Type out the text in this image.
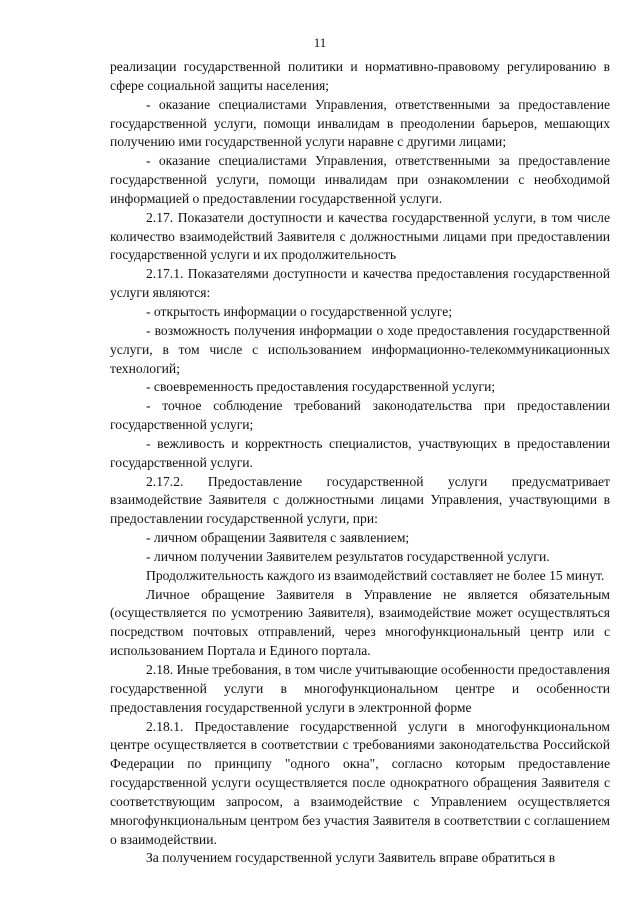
11

реализации государственной политики и нормативно-правовому регулированию в сфере социальной защиты населения;

- оказание специалистами Управления, ответственными за предоставление государственной услуги, помощи инвалидам в преодолении барьеров, мешающих получению ими государственной услуги наравне с другими лицами;

- оказание специалистами Управления, ответственными за предоставление государственной услуги, помощи инвалидам при ознакомлении с необходимой информацией о предоставлении государственной услуги.

2.17. Показатели доступности и качества государственной услуги, в том числе количество взаимодействий Заявителя с должностными лицами при предоставлении государственной услуги и их продолжительность

2.17.1. Показателями доступности и качества предоставления государственной услуги являются:

- открытость информации о государственной услуге;

- возможность получения информации о ходе предоставления государственной услуги, в том числе с использованием информационно-телекоммуникационных технологий;

- своевременность предоставления государственной услуги;

- точное соблюдение требований законодательства при предоставлении государственной услуги;

- вежливость и корректность специалистов, участвующих в предоставлении государственной услуги.

2.17.2. Предоставление государственной услуги предусматривает взаимодействие Заявителя с должностными лицами Управления, участвующими в предоставлении государственной услуги, при:

- личном обращении Заявителя с заявлением;

- личном получении Заявителем результатов государственной услуги.

Продолжительность каждого из взаимодействий составляет не более 15 минут.

Личное обращение Заявителя в Управление не является обязательным (осуществляется по усмотрению Заявителя), взаимодействие может осуществляться посредством почтовых отправлений, через многофункциональный центр или с использованием Портала и Единого портала.

2.18. Иные требования, в том числе учитывающие особенности предоставления государственной услуги в многофункциональном центре и особенности предоставления государственной услуги в электронной форме

2.18.1. Предоставление государственной услуги в многофункциональном центре осуществляется в соответствии с требованиями законодательства Российской Федерации по принципу "одного окна", согласно которым предоставление государственной услуги осуществляется после однократного обращения Заявителя с соответствующим запросом, а взаимодействие с Управлением осуществляется многофункциональным центром без участия Заявителя в соответствии с соглашением о взаимодействии.

За получением государственной услуги Заявитель вправе обратиться в
